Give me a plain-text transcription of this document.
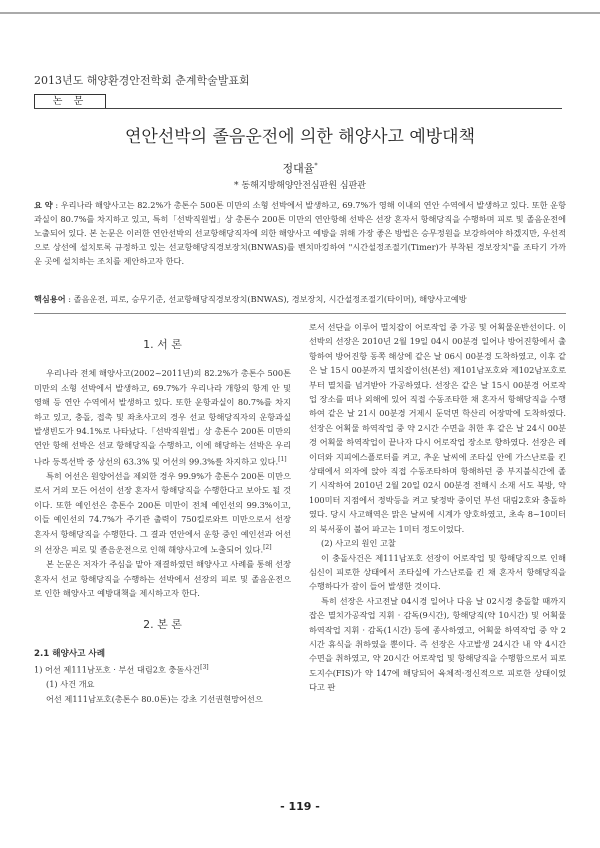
2013년도 해양환경안전학회 춘계학술발표회
논 문
연안선박의 졸음운전에 의한 해양사고 예방대책
정대율*
* 동해지방해양안전심판원 심판관
요 약 : 우리나라 해양사고는 82.2%가 총톤수 500톤 미만의 소형 선박에서 발생하고, 69.7%가 영해 이내의 연안 수역에서 발생하고 있다. 또한 운항과실이 80.7%를 차지하고 있고, 특히「선박직원법」상 총톤수 200톤 미만의 연안항해 선박은 선장 혼자서 항해당직을 수행하며 피로 및 졸음운전에 노출되어 있다. 본 논문은 이러한 연안선박의 선교항해당직자에 의한 해양사고 예방을 위해 가장 좋은 방법은 승무정원을 보강하여야 하겠지만, 우선적으로 상선에 설치토록 규정하고 있는 선교항해당직경보장치(BNWAS)를 벤치마킹하여 "시간설정조절기(Timer)가 부착된 경보장치"를 조타기 가까운 곳에 설치하는 조치를 제안하고자 한다.
핵심용어 : 졸음운전, 피로, 승무기준, 선교항해당직경보장치(BNWAS), 경보장치, 시간설정조절기(타이머), 해양사고예방
1. 서 론

우리나라 전체 해양사고(2002~2011년)의 82.2%가 총톤수 500톤 미만의 소형 선박에서 발생하고, 69.7%가 우리나라 개항의 항계 안 및 영해 등 연안 수역에서 발생하고 있다. 또한 운항과실이 80.7%를 차지하고 있고, 충돌, 접촉 및 좌초사고의 경우 선교 항해당직자의 운항과실 발생빈도가 94.1%로 나타났다.「선박직원법」상 총톤수 200톤 미만의 연안 항해 선박은 선교 항해당직을 수행하고, 이에 해당하는 선박은 우리나라 등록선박 중 상선의 63.3% 및 어선의 99.3%를 차지하고 있다.[1]

특히 어선은 원양어선을 제외한 경우 99.9%가 총톤수 200톤 미만으로서 거의 모든 어선이 선장 혼자서 항해당직을 수행한다고 보아도 될 것이다. 또한 예인선은 총톤수 200톤 미만이 전체 예인선의 99.3%이고, 이들 예인선의 74.7%가 주기관 출력이 750킬로와트 미만으로서 선장 혼자서 항해당직을 수행한다. 그 결과 연안에서 운항 중인 예인선과 어선의 선장은 피로 및 졸음운전으로 인해 해양사고에 노출되어 있다.[2]

본 논문은 저자가 주심을 맡아 재결하였던 해양사고 사례를 통해 선장 혼자서 선교 항해당직을 수행하는 선박에서 선장의 피로 및 졸음운전으로 인한 해양사고 예방대책을 제시하고자 한다.

2. 본 론
2.1 해양사고 사례
1) 어선 제111남포호 · 부선 대림2호 충돌사건[3]
(1) 사건 개요

어선 제111남포호(총톤수 80.0톤)는 강초 기선권현망어선으

로서 선단을 이루어 멸치잡이 어로작업 중 가공 및 어획물운반선이다. 이 선박의 선장은 2010년 2월 19일 04시 00분경 일어나 방어진항에서 출항하여 방어진항 동쪽 해상에 같은 날 06시 00분경 도착하였고, 이후 같은 날 15시 00분까지 멸치잡이선(본선) 제101남포호와 제102남포호로부터 멸치를 넘겨받아 가공하였다. 선장은 같은 날 15시 00분경 어로작업 장소를 떠나 외해에 있어 직접 수동조타한 채 혼자서 항해당직을 수행하여 같은 날 21시 00분경 거제시 둔덕면 학산리 어장막에 도착하였다. 선장은 어획물 하역작업 중 약 2시간 수면을 취한 후 같은 날 24시 00분경 어획물 하역작업이 끝나자 다시 어로작업 장소로 향하였다. 선장은 레이더와 지피에스플로터를 켜고, 추운 날씨에 조타실 안에 가스난로를 킨 상태에서 의자에 앉아 직접 수동조타하며 항해하던 중 부지불식간에 졸기 시작하여 2010년 2월 20일 02시 00분경 전해시 소재 서도 북방, 약 100미터 지점에서 정박등을 켜고 닻정박 중이던 부선 대림2호와 충돌하였다. 당시 사고해역은 맑은 날씨에 시계가 양호하였고, 초속 8~10미터의 북서풍이 불어 파고는 1미터 정도이었다.

(2) 사고의 원인 고찰

이 충돌사건은 제111남포호 선장이 어로작업 및 항해당직으로 인해 심신이 피로한 상태에서 조타실에 가스난로를 킨 채 혼자서 항해당직을 수행하다가 잠이 들어 발생한 것이다.

특히 선장은 사고전날 04시경 일어나 다음 날 02시경 충돌할 때까지 잡은 멸치가공작업 지휘 · 감독(9시간), 항해당직(약 10시간) 및 어획물 하역작업 지휘 · 감독(1시간) 등에 종사하였고, 어획물 하역작업 중 약 2시간 휴식을 취하였을 뿐이다. 즉 선장은 사고발생 24시간 내 약 4시간 수면을 취하였고, 약 20시간 어로작업 및 항해당직을 수행함으로서 피로도지수(FIS)가 약 147에 해당되어 육체적·정신적으로 피로한 상태이었다고 판

- 119 -
